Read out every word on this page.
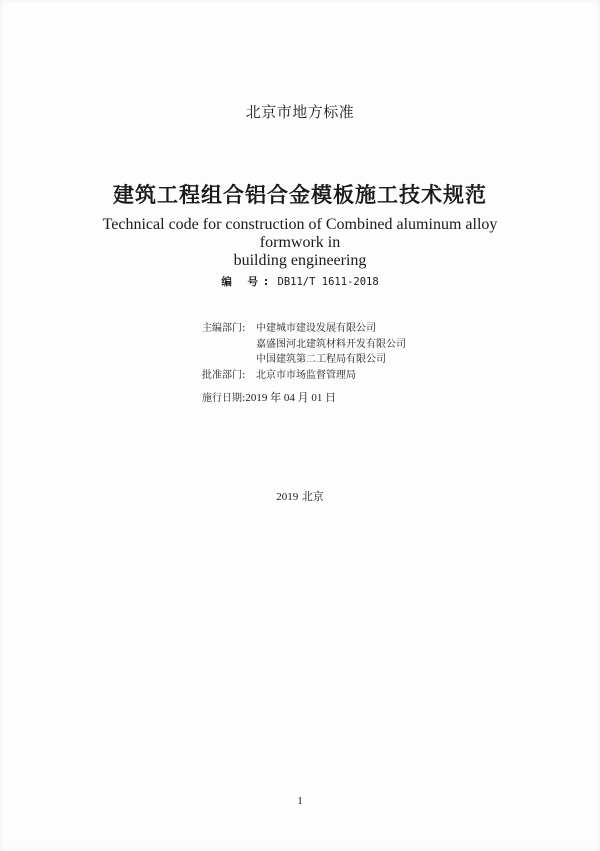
北京市地方标准
建筑工程组合铝合金模板施工技术规范
Technical code for construction of Combined aluminum alloy formwork in
building engineering
编 号: DB11/T 1611-2018
主编部门:	中建城市建设发展有限公司
嘉盛图河北建筑材料开发有限公司
中国建筑第二工程局有限公司
批准部门:	北京市市场监督管理局
施行日期:2019 年 04 月 01 日
2019 北京
1
